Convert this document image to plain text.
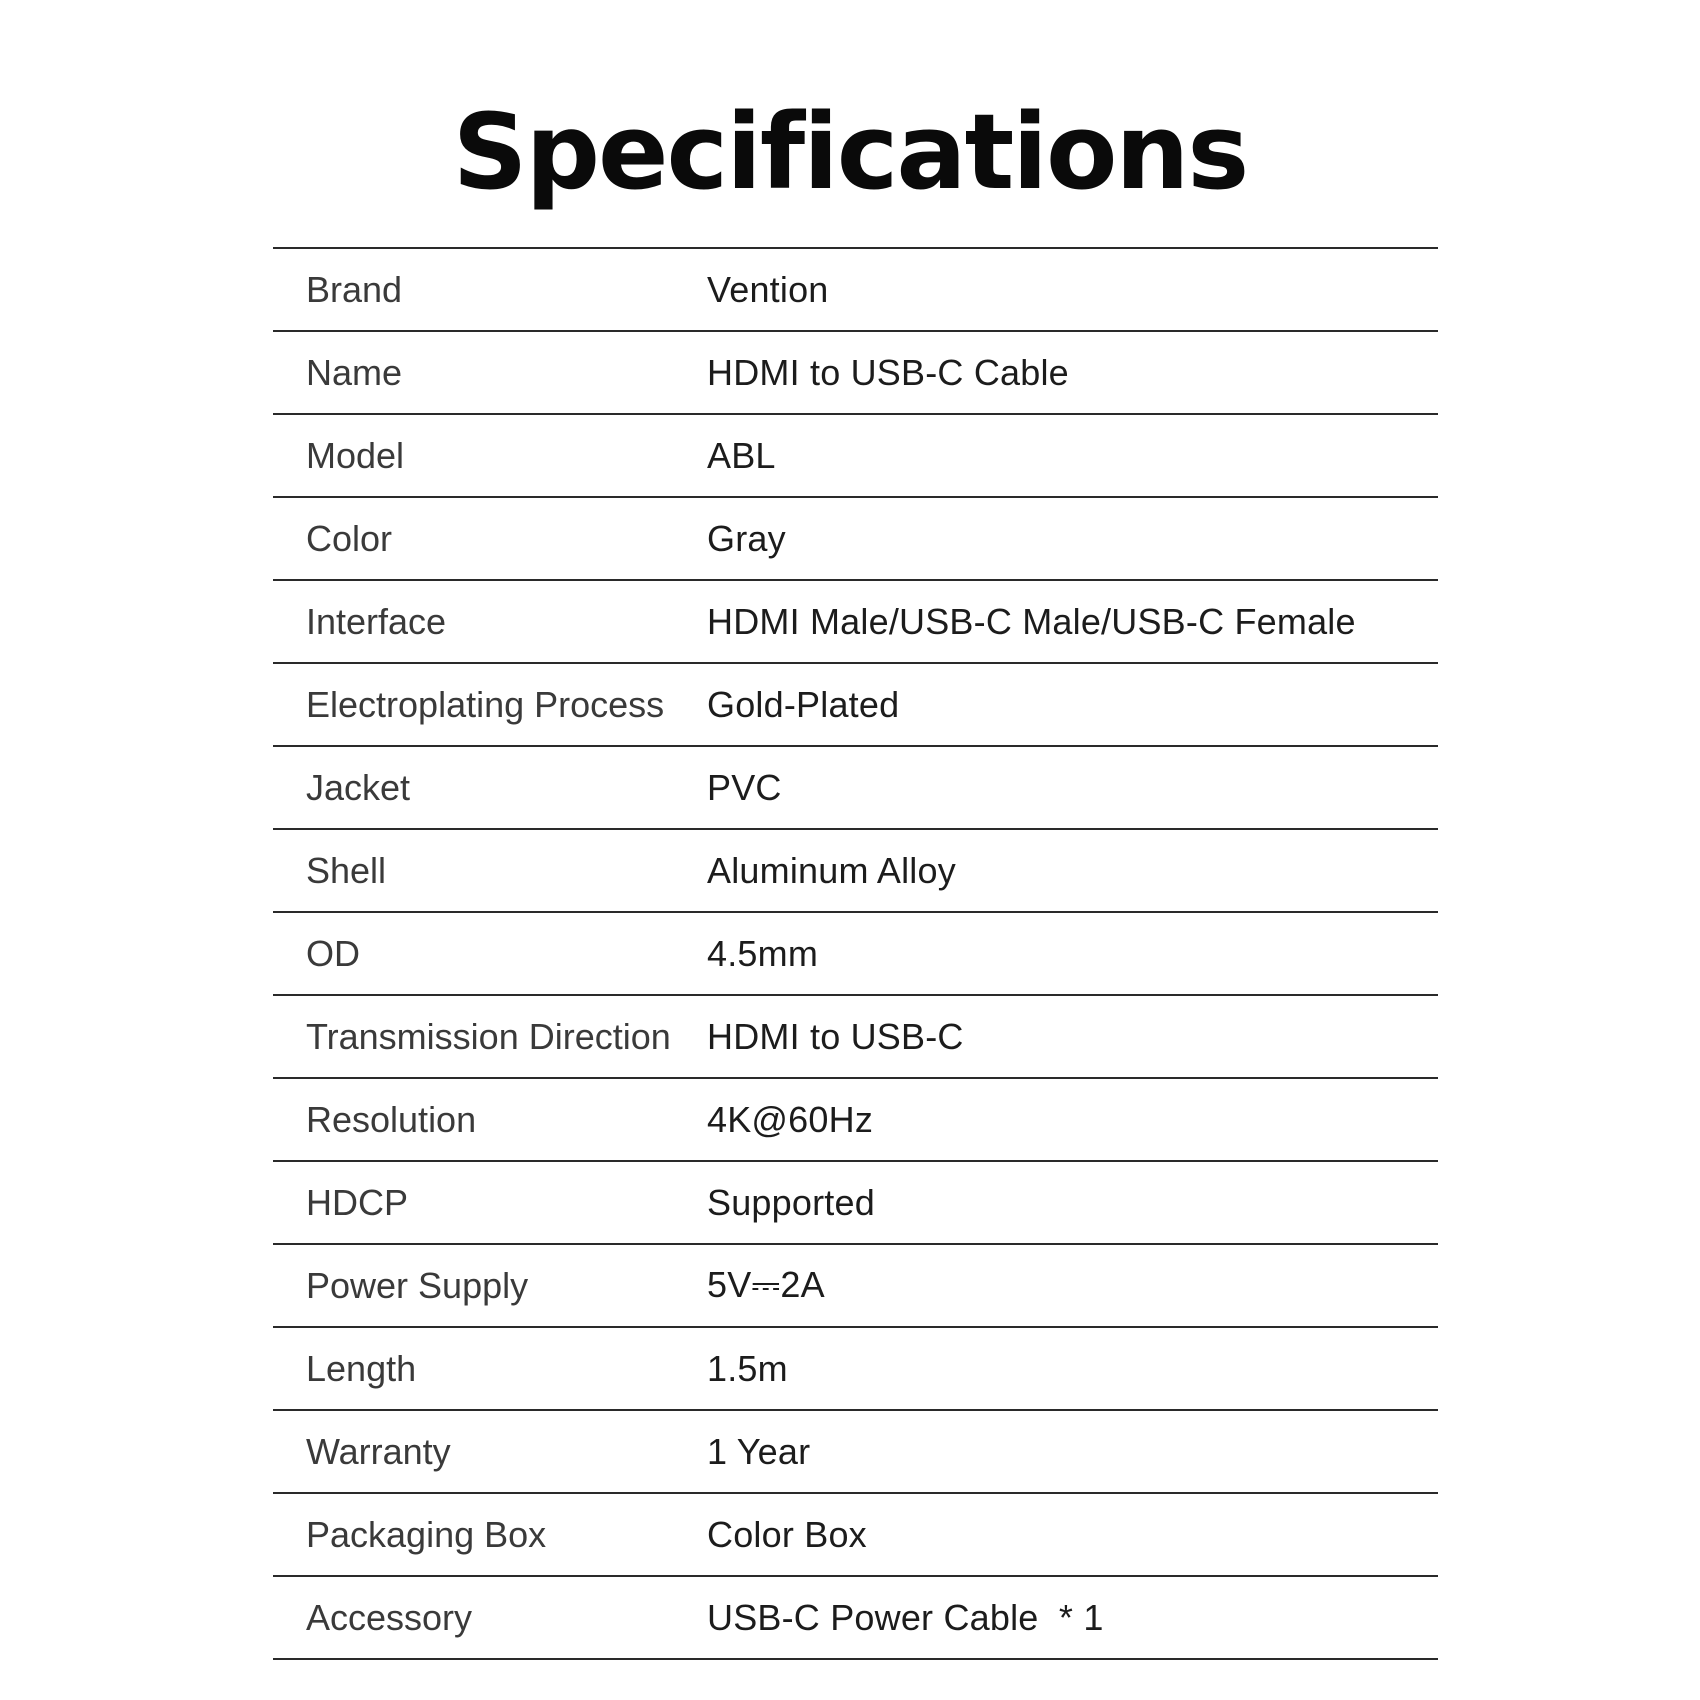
Specifications
Brand	Vention
Name	HDMI to USB-C Cable
Model	ABL
Color	Gray
Interface	HDMI Male/USB-C Male/USB-C Female
Electroplating Process	Gold-Plated
Jacket	PVC
Shell	Aluminum Alloy
OD	4.5mm
Transmission Direction	HDMI to USB-C
Resolution	4K@60Hz
HDCP	Supported
Power Supply	5V⎓2A
Length	1.5m
Warranty	1 Year
Packaging Box	Color Box
Accessory	USB-C Power Cable  * 1
